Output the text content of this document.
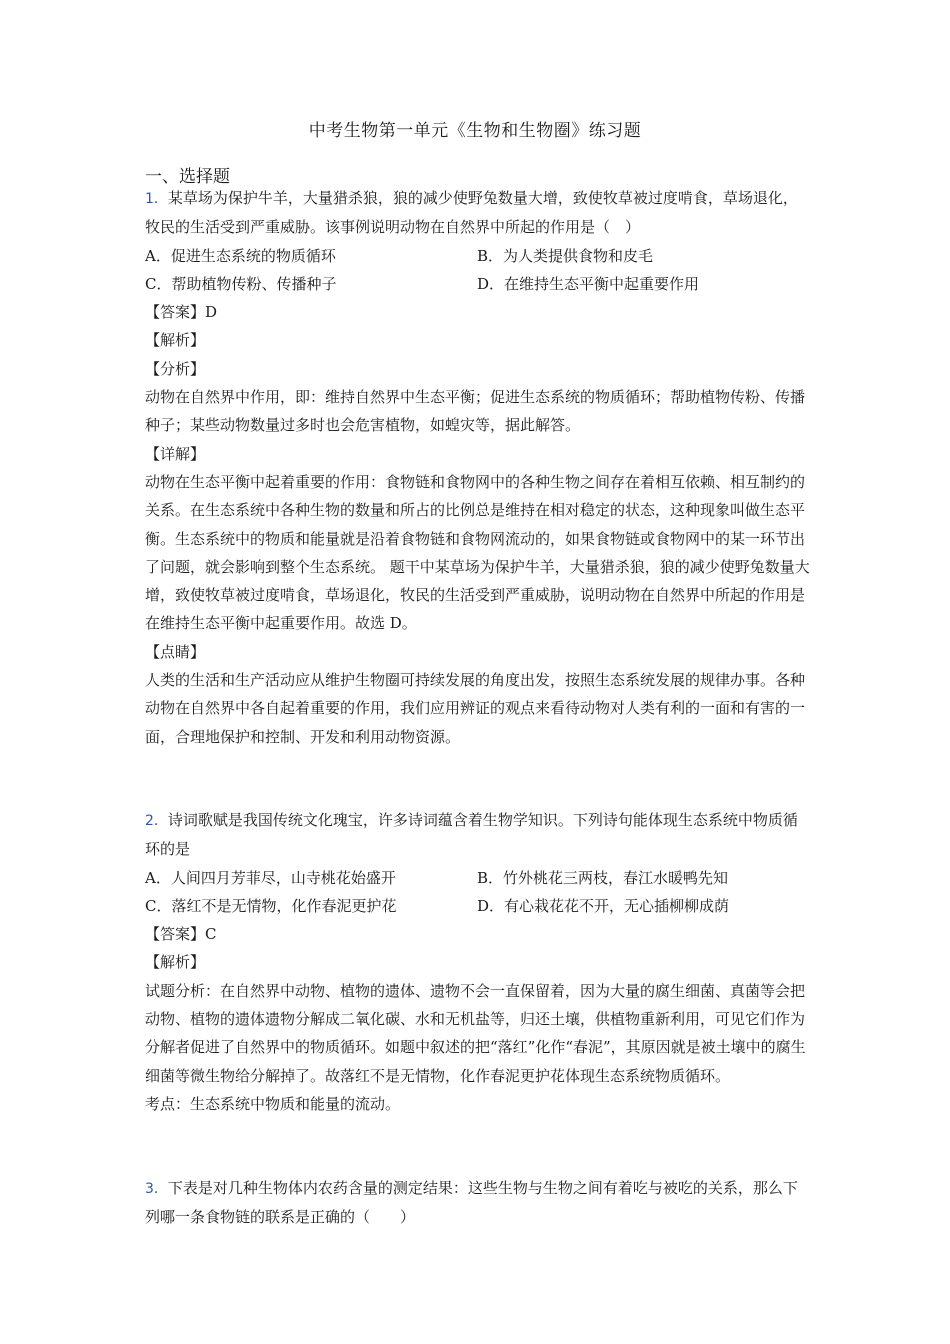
中考生物第一单元《生物和生物圈》练习题
一、选择题
1．某草场为保护牛羊，大量猎杀狼，狼的减少使野兔数量大增，致使牧草被过度啃食，草场退化，牧民的生活受到严重威胁。该事例说明动物在自然界中所起的作用是（　）
A．促进生态系统的物质循环	B．为人类提供食物和皮毛
C．帮助植物传粉、传播种子	D．在维持生态平衡中起重要作用
【答案】D
【解析】
【分析】
动物在自然界中作用，即：维持自然界中生态平衡；促进生态系统的物质循环；帮助植物传粉、传播种子；某些动物数量过多时也会危害植物，如蝗灾等，据此解答。
【详解】
动物在生态平衡中起着重要的作用：食物链和食物网中的各种生物之间存在着相互依赖、相互制约的关系。在生态系统中各种生物的数量和所占的比例总是维持在相对稳定的状态，这种现象叫做生态平衡。生态系统中的物质和能量就是沿着食物链和食物网流动的，如果食物链或食物网中的某一环节出了问题，就会影响到整个生态系统。 题干中某草场为保护牛羊，大量猎杀狼，狼的减少使野兔数量大增，致使牧草被过度啃食，草场退化，牧民的生活受到严重威胁，说明动物在自然界中所起的作用是在维持生态平衡中起重要作用。故选 D。
【点睛】
人类的生活和生产活动应从维护生物圈可持续发展的角度出发，按照生态系统发展的规律办事。各种动物在自然界中各自起着重要的作用，我们应用辨证的观点来看待动物对人类有利的一面和有害的一面，合理地保护和控制、开发和利用动物资源。
2．诗词歌赋是我国传统文化瑰宝，许多诗词蕴含着生物学知识。下列诗句能体现生态系统中物质循环的是
A．人间四月芳菲尽，山寺桃花始盛开	B．竹外桃花三两枝，春江水暖鸭先知
C．落红不是无情物，化作春泥更护花	D．有心栽花花不开，无心插柳柳成荫
【答案】C
【解析】
试题分析：在自然界中动物、植物的遗体、遗物不会一直保留着，因为大量的腐生细菌、真菌等会把动物、植物的遗体遗物分解成二氧化碳、水和无机盐等，归还土壤，供植物重新利用，可见它们作为分解者促进了自然界中的物质循环。如题中叙述的把“落红”化作“春泥”，其原因就是被土壤中的腐生细菌等微生物给分解掉了。故落红不是无情物，化作春泥更护花体现生态系统物质循环。
考点：生态系统中物质和能量的流动。
3．下表是对几种生物体内农药含量的测定结果：这些生物与生物之间有着吃与被吃的关系，那么下列哪一条食物链的联系是正确的（　　）
